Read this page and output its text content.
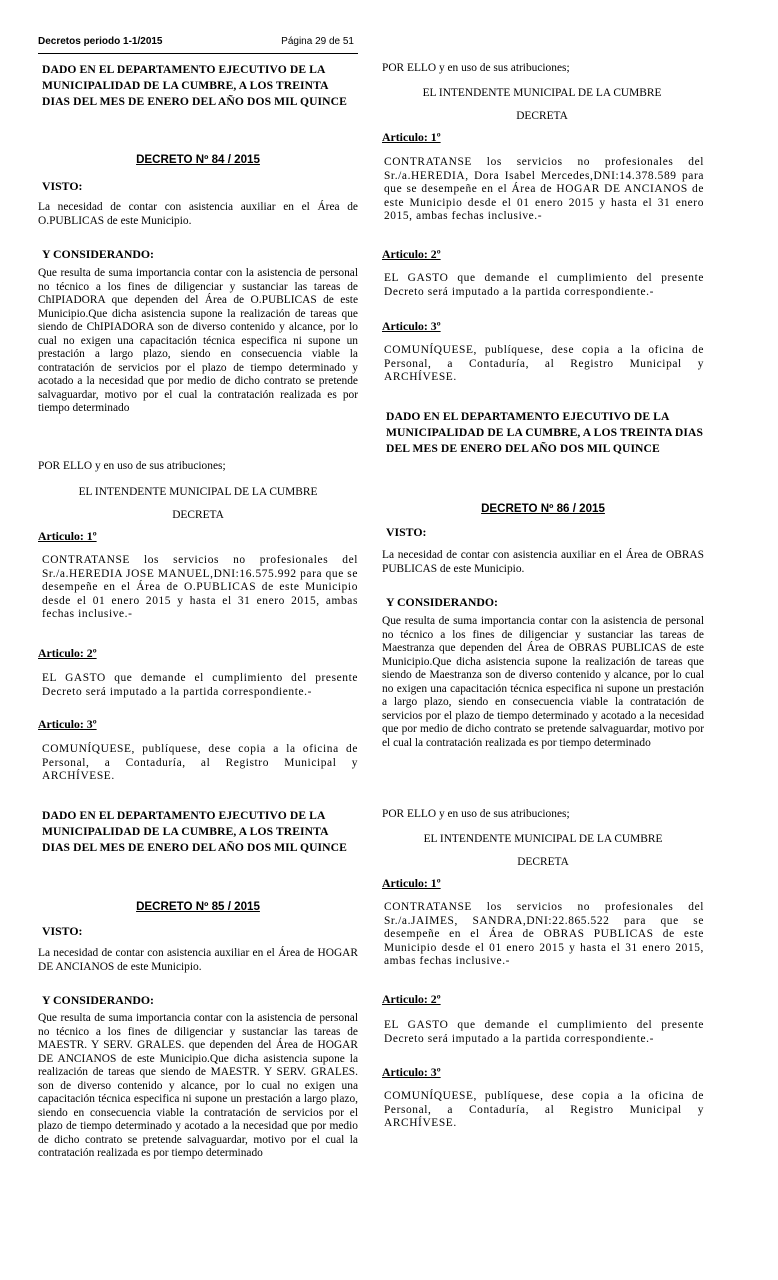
Decretos periodo 1-1/2015	Página 29 de 51
DADO EN EL DEPARTAMENTO EJECUTIVO DE LA MUNICIPALIDAD DE LA CUMBRE, A LOS TREINTA DIAS DEL MES DE ENERO DEL AÑO DOS MIL QUINCE
DECRETO Nº 84 / 2015
VISTO:
La necesidad de contar con asistencia auxiliar en el Área de O.PUBLICAS de este Municipio.
Y CONSIDERANDO:
Que resulta de suma importancia contar con la asistencia de personal no técnico a los fines de diligenciar y sustanciar las tareas de ChIPIADORA que dependen del Área de O.PUBLICAS de este Municipio.Que dicha asistencia supone la realización de tareas que siendo de ChIPIADORA son de diverso contenido y alcance, por lo cual no exigen una capacitación técnica especifica ni supone un prestación a largo plazo, siendo en consecuencia viable la contratación de servicios por el plazo de tiempo determinado y acotado a la necesidad que por medio de dicho contrato se pretende salvaguardar, motivo por el cual la contratación realizada es por tiempo determinado
POR ELLO y en uso de sus atribuciones;
EL INTENDENTE MUNICIPAL DE LA CUMBRE
DECRETA
Articulo: 1º
CONTRATANSE los servicios no profesionales del Sr./a.HEREDIA JOSE MANUEL,DNI:16.575.992 para que se desempeñe en el Área de O.PUBLICAS de este Municipio desde el 01 enero 2015 y hasta el 31 enero 2015, ambas fechas inclusive.-
Articulo: 2º
EL GASTO que demande el cumplimiento del presente Decreto será imputado a la partida correspondiente.-
Articulo: 3º
COMUNÍQUESE, publíquese, dese copia a la oficina de Personal, a Contaduría, al Registro Municipal y ARCHÍVESE.
DADO EN EL DEPARTAMENTO EJECUTIVO DE LA MUNICIPALIDAD DE LA CUMBRE, A LOS TREINTA DIAS DEL MES DE ENERO DEL AÑO DOS MIL QUINCE
DECRETO Nº 85 / 2015
VISTO:
La necesidad de contar con asistencia auxiliar en el Área de HOGAR DE ANCIANOS de este Municipio.
Y CONSIDERANDO:
Que resulta de suma importancia contar con la asistencia de personal no técnico a los fines de diligenciar y sustanciar las tareas de MAESTR. Y SERV. GRALES. que dependen del Área de HOGAR DE ANCIANOS de este Municipio.Que dicha asistencia supone la realización de tareas que siendo de MAESTR. Y SERV. GRALES. son de diverso contenido y alcance, por lo cual no exigen una capacitación técnica especifica ni supone un prestación a largo plazo, siendo en consecuencia viable la contratación de servicios por el plazo de tiempo determinado y acotado a la necesidad que por medio de dicho contrato se pretende salvaguardar, motivo por el cual la contratación realizada es por tiempo determinado
POR ELLO y en uso de sus atribuciones;
EL INTENDENTE MUNICIPAL DE LA CUMBRE
DECRETA
Articulo: 1º
CONTRATANSE los servicios no profesionales del Sr./a.HEREDIA, Dora Isabel Mercedes,DNI:14.378.589 para que se desempeñe en el Área de HOGAR DE ANCIANOS de este Municipio desde el 01 enero 2015 y hasta el 31 enero 2015, ambas fechas inclusive.-
Articulo: 2º
EL GASTO que demande el cumplimiento del presente Decreto será imputado a la partida correspondiente.-
Articulo: 3º
COMUNÍQUESE, publíquese, dese copia a la oficina de Personal, a Contaduría, al Registro Municipal y ARCHÍVESE.
DADO EN EL DEPARTAMENTO EJECUTIVO DE LA MUNICIPALIDAD DE LA CUMBRE, A LOS TREINTA DIAS DEL MES DE ENERO DEL AÑO DOS MIL QUINCE
DECRETO Nº 86 / 2015
VISTO:
La necesidad de contar con asistencia auxiliar en el Área de OBRAS PUBLICAS de este Municipio.
Y CONSIDERANDO:
Que resulta de suma importancia contar con la asistencia de personal no técnico a los fines de diligenciar y sustanciar las tareas de Maestranza que dependen del Área de OBRAS PUBLICAS de este Municipio.Que dicha asistencia supone la realización de tareas que siendo de Maestranza son de diverso contenido y alcance, por lo cual no exigen una capacitación técnica especifica ni supone un prestación a largo plazo, siendo en consecuencia viable la contratación de servicios por el plazo de tiempo determinado y acotado a la necesidad que por medio de dicho contrato se pretende salvaguardar, motivo por el cual la contratación realizada es por tiempo determinado
POR ELLO y en uso de sus atribuciones;
EL INTENDENTE MUNICIPAL DE LA CUMBRE
DECRETA
Articulo: 1º
CONTRATANSE los servicios no profesionales del Sr./a.JAIMES, SANDRA,DNI:22.865.522 para que se desempeñe en el Área de OBRAS PUBLICAS de este Municipio desde el 01 enero 2015 y hasta el 31 enero 2015, ambas fechas inclusive.-
Articulo: 2º
EL GASTO que demande el cumplimiento del presente Decreto será imputado a la partida correspondiente.-
Articulo: 3º
COMUNÍQUESE, publíquese, dese copia a la oficina de Personal, a Contaduría, al Registro Municipal y ARCHÍVESE.
